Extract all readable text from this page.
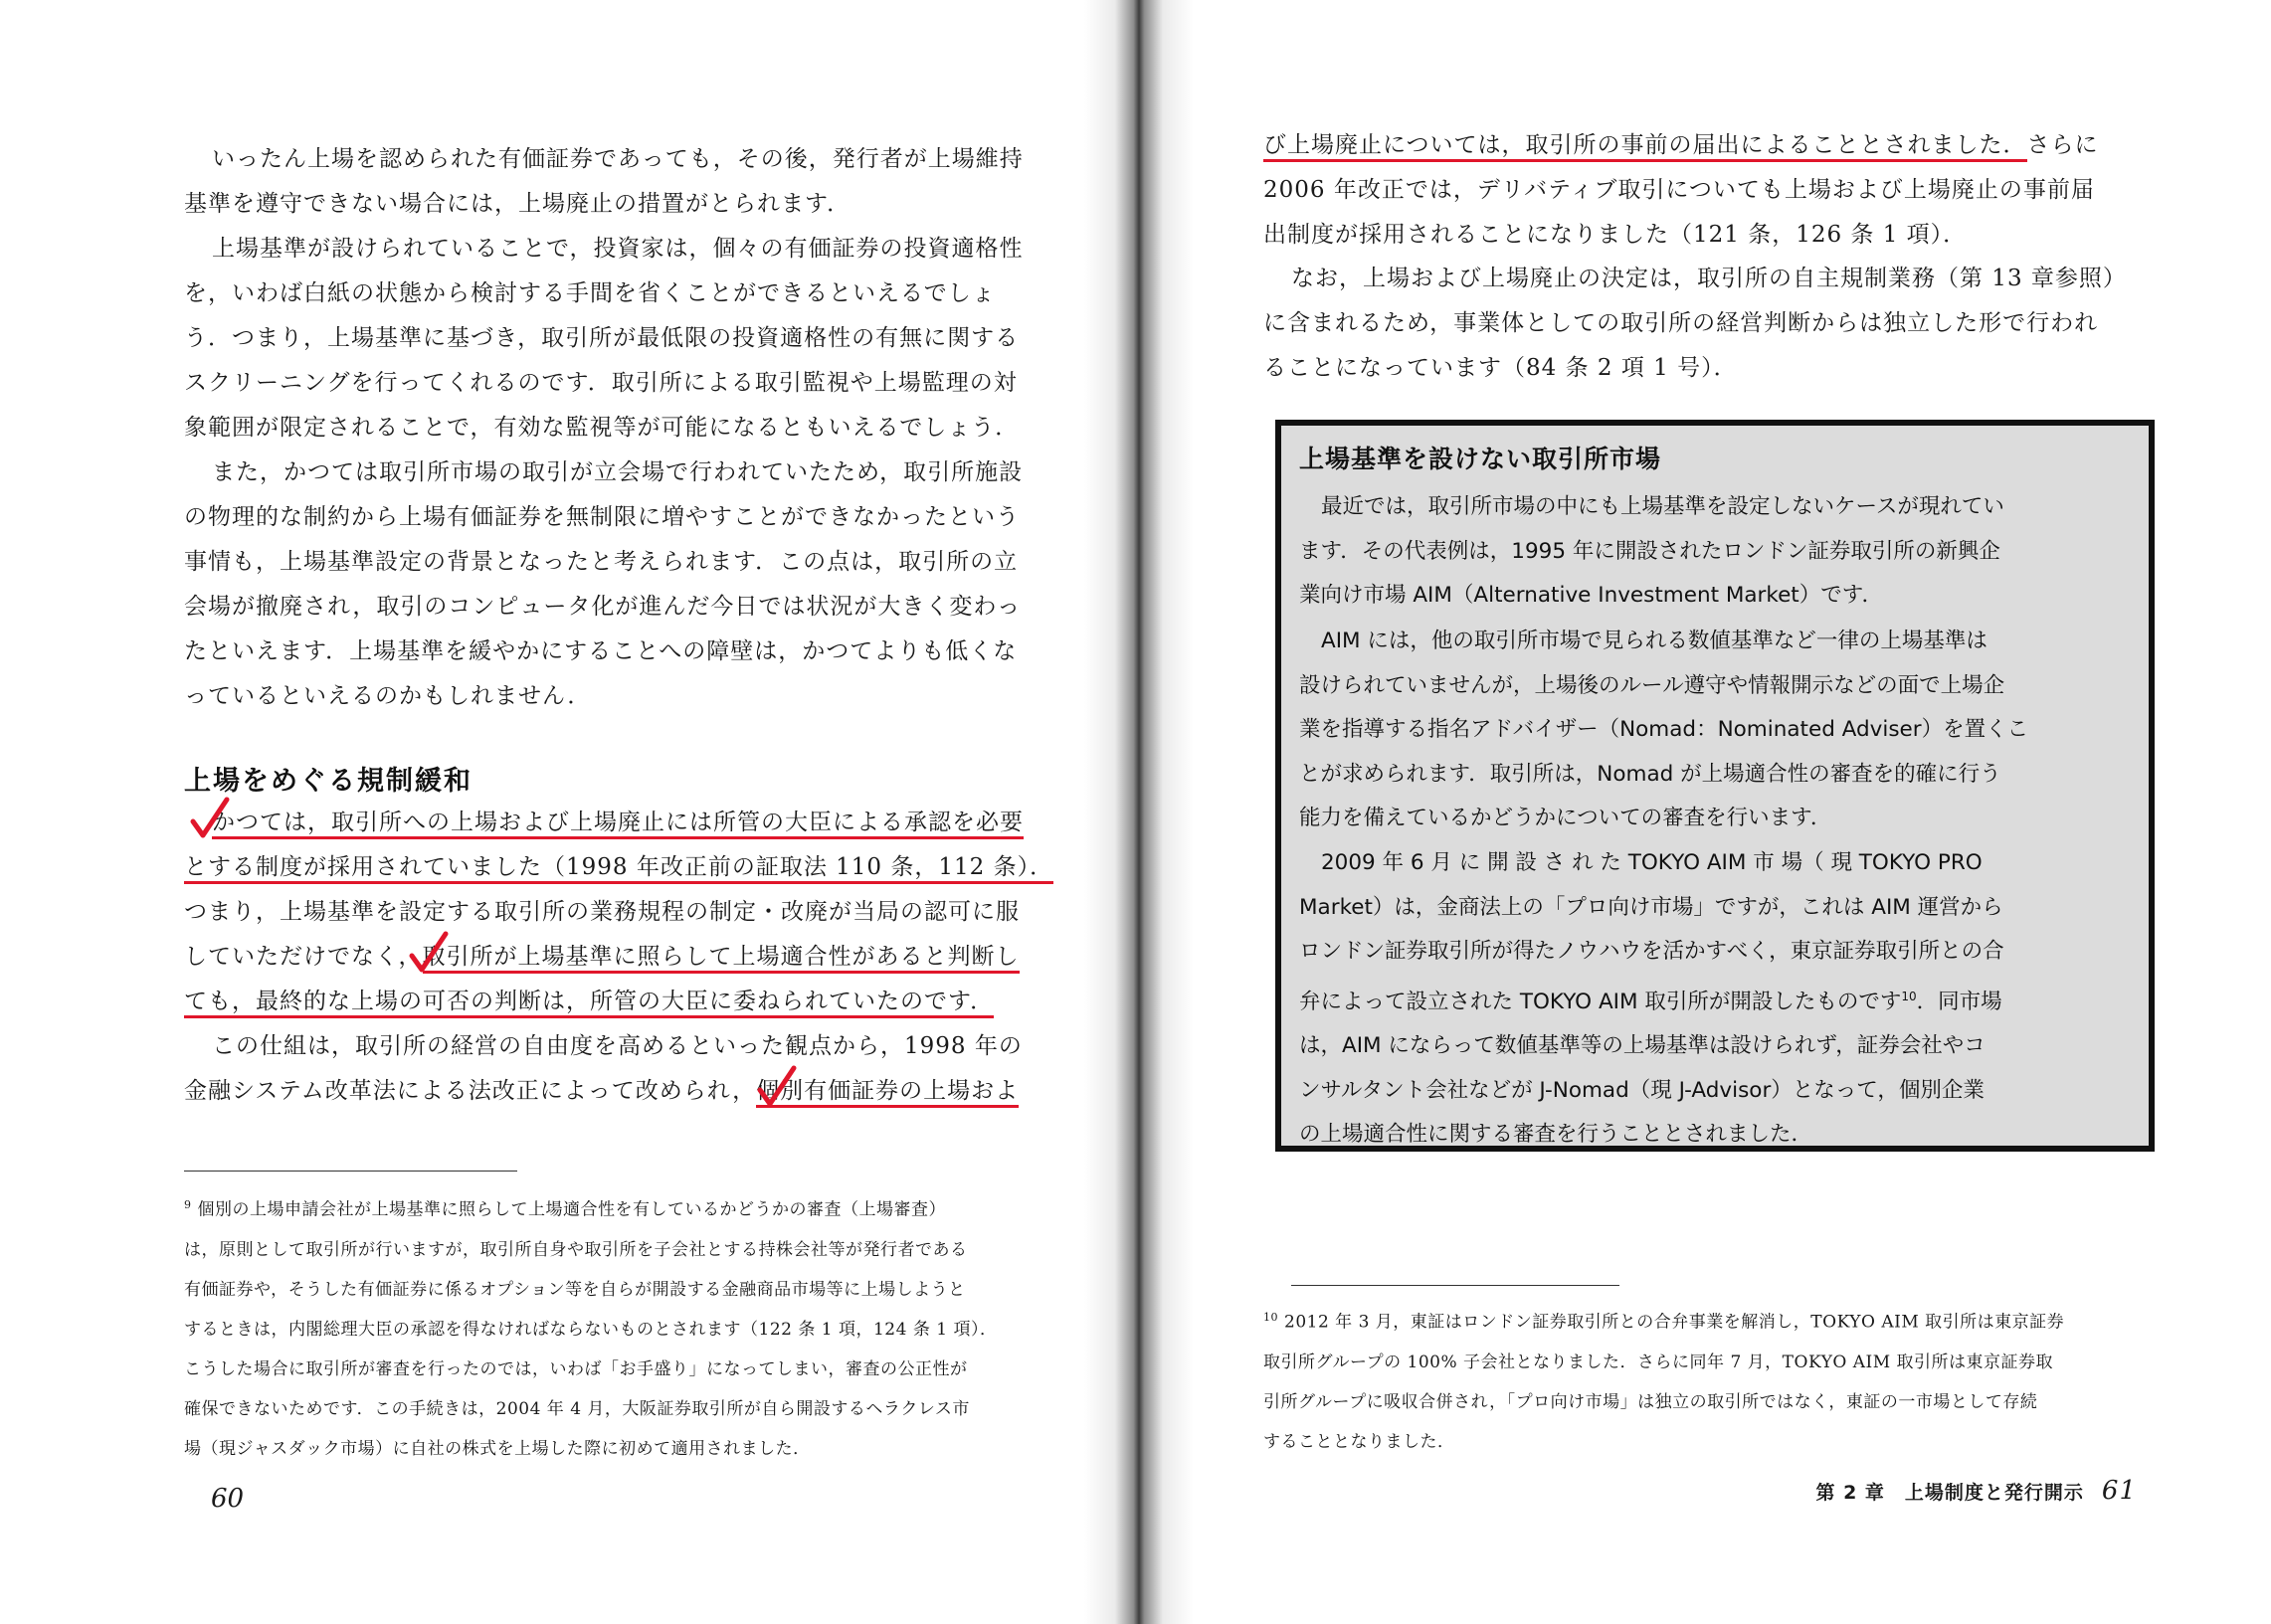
いったん上場を認められた有価証券であっても，その後，発行者が上場維持
基準を遵守できない場合には，上場廃止の措置がとられます．

上場基準が設けられていることで，投資家は，個々の有価証券の投資適格性
を，いわば白紙の状態から検討する手間を省くことができるといえるでしょ
う．つまり，上場基準に基づき，取引所が最低限の投資適格性の有無に関する
スクリーニングを行ってくれるのです．取引所による取引監視や上場監理の対
象範囲が限定されることで，有効な監視等が可能になるともいえるでしょう．

また，かつては取引所市場の取引が立会場で行われていたため，取引所施設
の物理的な制約から上場有価証券を無制限に増やすことができなかったという
事情も，上場基準設定の背景となったと考えられます．この点は，取引所の立
会場が撤廃され，取引のコンピュータ化が進んだ今日では状況が大きく変わっ
たといえます．上場基準を緩やかにすることへの障壁は，かつてよりも低くな
っているといえるのかもしれません．

上場をめぐる規制緩和

かつては，取引所への上場および上場廃止には所管の大臣による承認を必要
とする制度が採用されていました（1998 年改正前の証取法 110 条，112 条）．
つまり，上場基準を設定する取引所の業務規程の制定・改廃が当局の認可に服
していただけでなく，取引所が上場基準に照らして上場適合性があると判断し
ても，最終的な上場の可否の判断は，所管の大臣に委ねられていたのです．

この仕組は，取引所の経営の自由度を高めるといった観点から，1998 年の
金融システム改革法による法改正によって改められ，個別有価証券の上場およ

$^9$ 個別の上場申請会社が上場基準に照らして上場適合性を有しているかどうかの審査（上場審査）
は，原則として取引所が行いますが，取引所自身や取引所を子会社とする持株会社等が発行者である
有価証券や，そうした有価証券に係るオプション等を自らが開設する金融商品市場等に上場しようと
するときは，内閣総理大臣の承認を得なければならないものとされます（122 条 1 項，124 条 1 項）．
こうした場合に取引所が審査を行ったのでは，いわば「お手盛り」になってしまい，審査の公正性が
確保できないためです．この手続きは，2004 年 4 月，大阪証券取引所が自ら開設するヘラクレス市
場（現ジャスダック市場）に自社の株式を上場した際に初めて適用されました．

60

び上場廃止については，取引所の事前の届出によることとされました．さらに
2006 年改正では，デリバティブ取引についても上場および上場廃止の事前届
出制度が採用されることになりました（121 条，126 条 1 項）．

なお，上場および上場廃止の決定は，取引所の自主規制業務（第 13 章参照）
に含まれるため，事業体としての取引所の経営判断からは独立した形で行われ
ることになっています（84 条 2 項 1 号）．

上場基準を設けない取引所市場

最近では，取引所市場の中にも上場基準を設定しないケースが現れてい
ます．その代表例は，1995 年に開設されたロンドン証券取引所の新興企
業向け市場 AIM（Alternative Investment Market）です．

AIM には，他の取引所市場で見られる数値基準など一律の上場基準は
設けられていませんが，上場後のルール遵守や情報開示などの面で上場企
業を指導する指名アドバイザー（Nomad：Nominated Adviser）を置くこ
とが求められます．取引所は，Nomad が上場適合性の審査を的確に行う
能力を備えているかどうかについての審査を行います．

2009 年 6 月 に 開 設 さ れ た TOKYO AIM 市 場（ 現 TOKYO PRO
Market）は，金商法上の「プロ向け市場」ですが，これは AIM 運営から
ロンドン証券取引所が得たノウハウを活かすべく，東京証券取引所との合
弁によって設立された TOKYO AIM 取引所が開設したものです$^{10}$．同市場
は，AIM にならって数値基準等の上場基準は設けられず，証券会社やコ
ンサルタント会社などが J-Nomad（現 J-Advisor）となって，個別企業
の上場適合性に関する審査を行うこととされました．

$^{10}$ 2012 年 3 月，東証はロンドン証券取引所との合弁事業を解消し，TOKYO AIM 取引所は東京証券
取引所グループの 100% 子会社となりました．さらに同年 7 月，TOKYO AIM 取引所は東京証券取
引所グループに吸収合併され，「プロ向け市場」は独立の取引所ではなく，東証の一市場として存続
することとなりました．

第 2 章　上場制度と発行開示 61
